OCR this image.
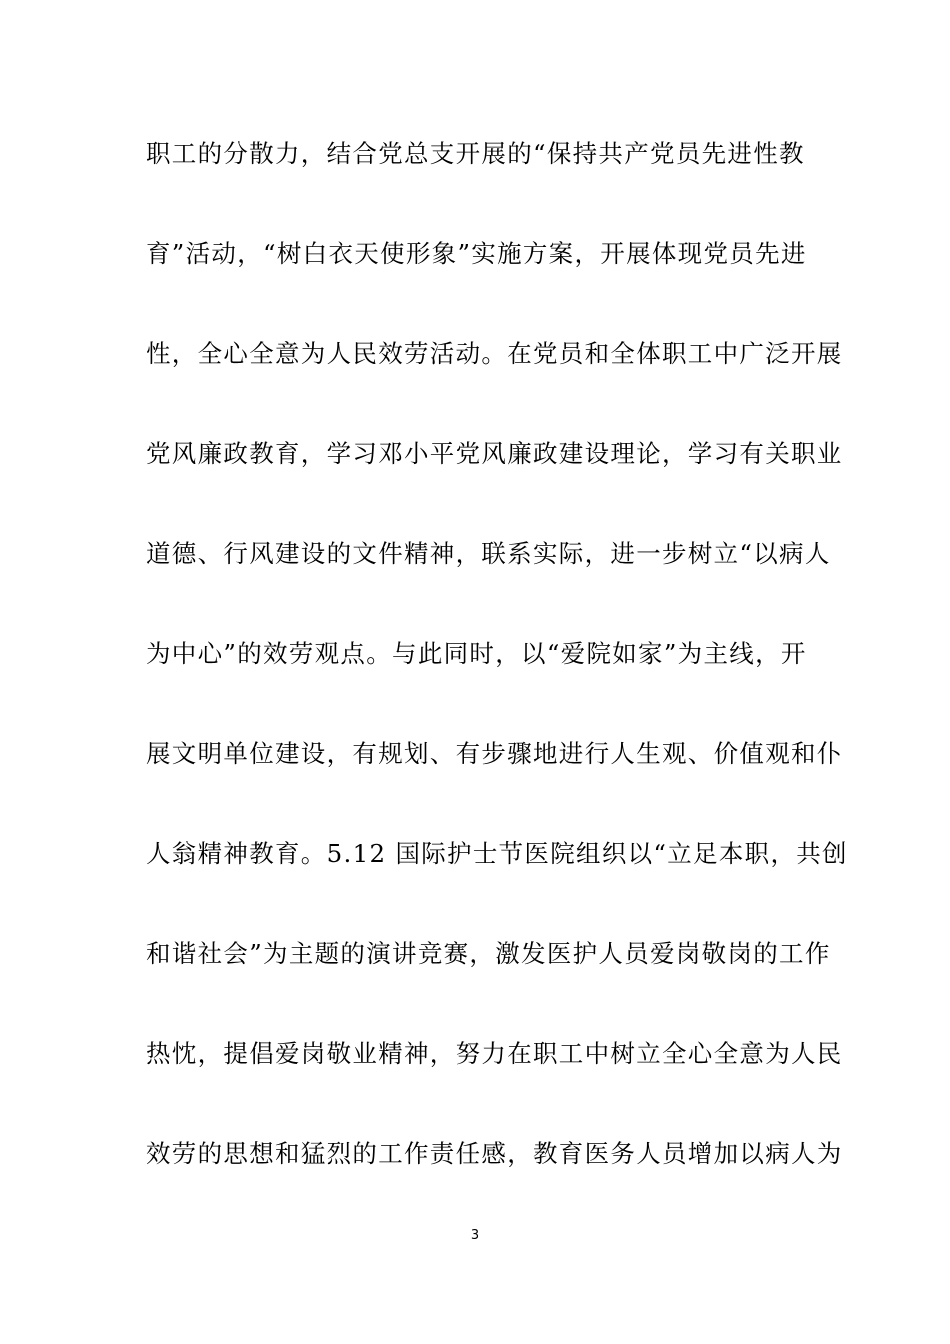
职工的分散力，结合党总支开展的“保持共产党员先进性教
育”活动，“树白衣天使形象”实施方案，开展体现党员先进
性，全心全意为人民效劳活动。在党员和全体职工中广泛开展
党风廉政教育，学习邓小平党风廉政建设理论，学习有关职业
道德、行风建设的文件精神，联系实际，进一步树立“以病人
为中心”的效劳观点。与此同时，以“爱院如家”为主线，开
展文明单位建设，有规划、有步骤地进行人生观、价值观和仆
人翁精神教育。5.12 国际护士节医院组织以“立足本职，共创
和谐社会”为主题的演讲竞赛，激发医护人员爱岗敬岗的工作
热忱，提倡爱岗敬业精神，努力在职工中树立全心全意为人民
效劳的思想和猛烈的工作责任感，教育医务人员增加以病人为
3
